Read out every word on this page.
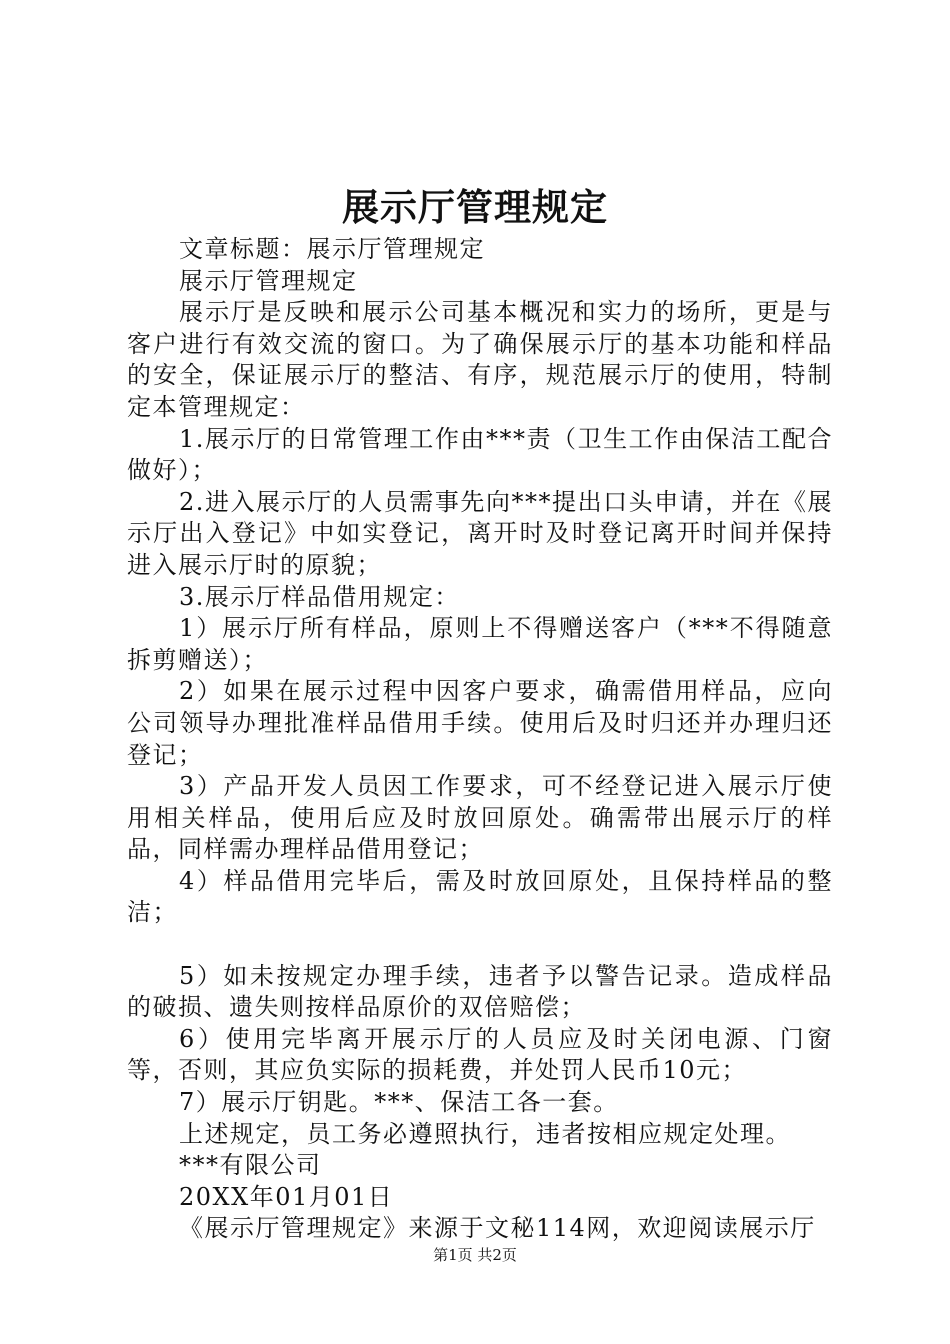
展示厅管理规定

文章标题：展示厅管理规定

展示厅管理规定

展示厅是反映和展示公司基本概况和实力的场所，更是与客户进行有效交流的窗口。为了确保展示厅的基本功能和样品的安全，保证展示厅的整洁、有序，规范展示厅的使用，特制定本管理规定：

1.展示厅的日常管理工作由***责（卫生工作由保洁工配合做好）；

2.进入展示厅的人员需事先向***提出口头申请，并在《展示厅出入登记》中如实登记，离开时及时登记离开时间并保持进入展示厅时的原貌；

3.展示厅样品借用规定：

1）展示厅所有样品，原则上不得赠送客户（***不得随意拆剪赠送）；

2）如果在展示过程中因客户要求，确需借用样品，应向公司领导办理批准样品借用手续。使用后及时归还并办理归还登记；

3）产品开发人员因工作要求，可不经登记进入展示厅使用相关样品，使用后应及时放回原处。确需带出展示厅的样品，同样需办理样品借用登记；

4）样品借用完毕后，需及时放回原处，且保持样品的整洁；

5）如未按规定办理手续，违者予以警告记录。造成样品的破损、遗失则按样品原价的双倍赔偿；

6）使用完毕离开展示厅的人员应及时关闭电源、门窗等，否则，其应负实际的损耗费，并处罚人民币10元；

7）展示厅钥匙。***、保洁工各一套。

上述规定，员工务必遵照执行，违者按相应规定处理。

***有限公司

20XX年01月01日

《展示厅管理规定》来源于文秘114网，欢迎阅读展示厅

第1页 共2页
